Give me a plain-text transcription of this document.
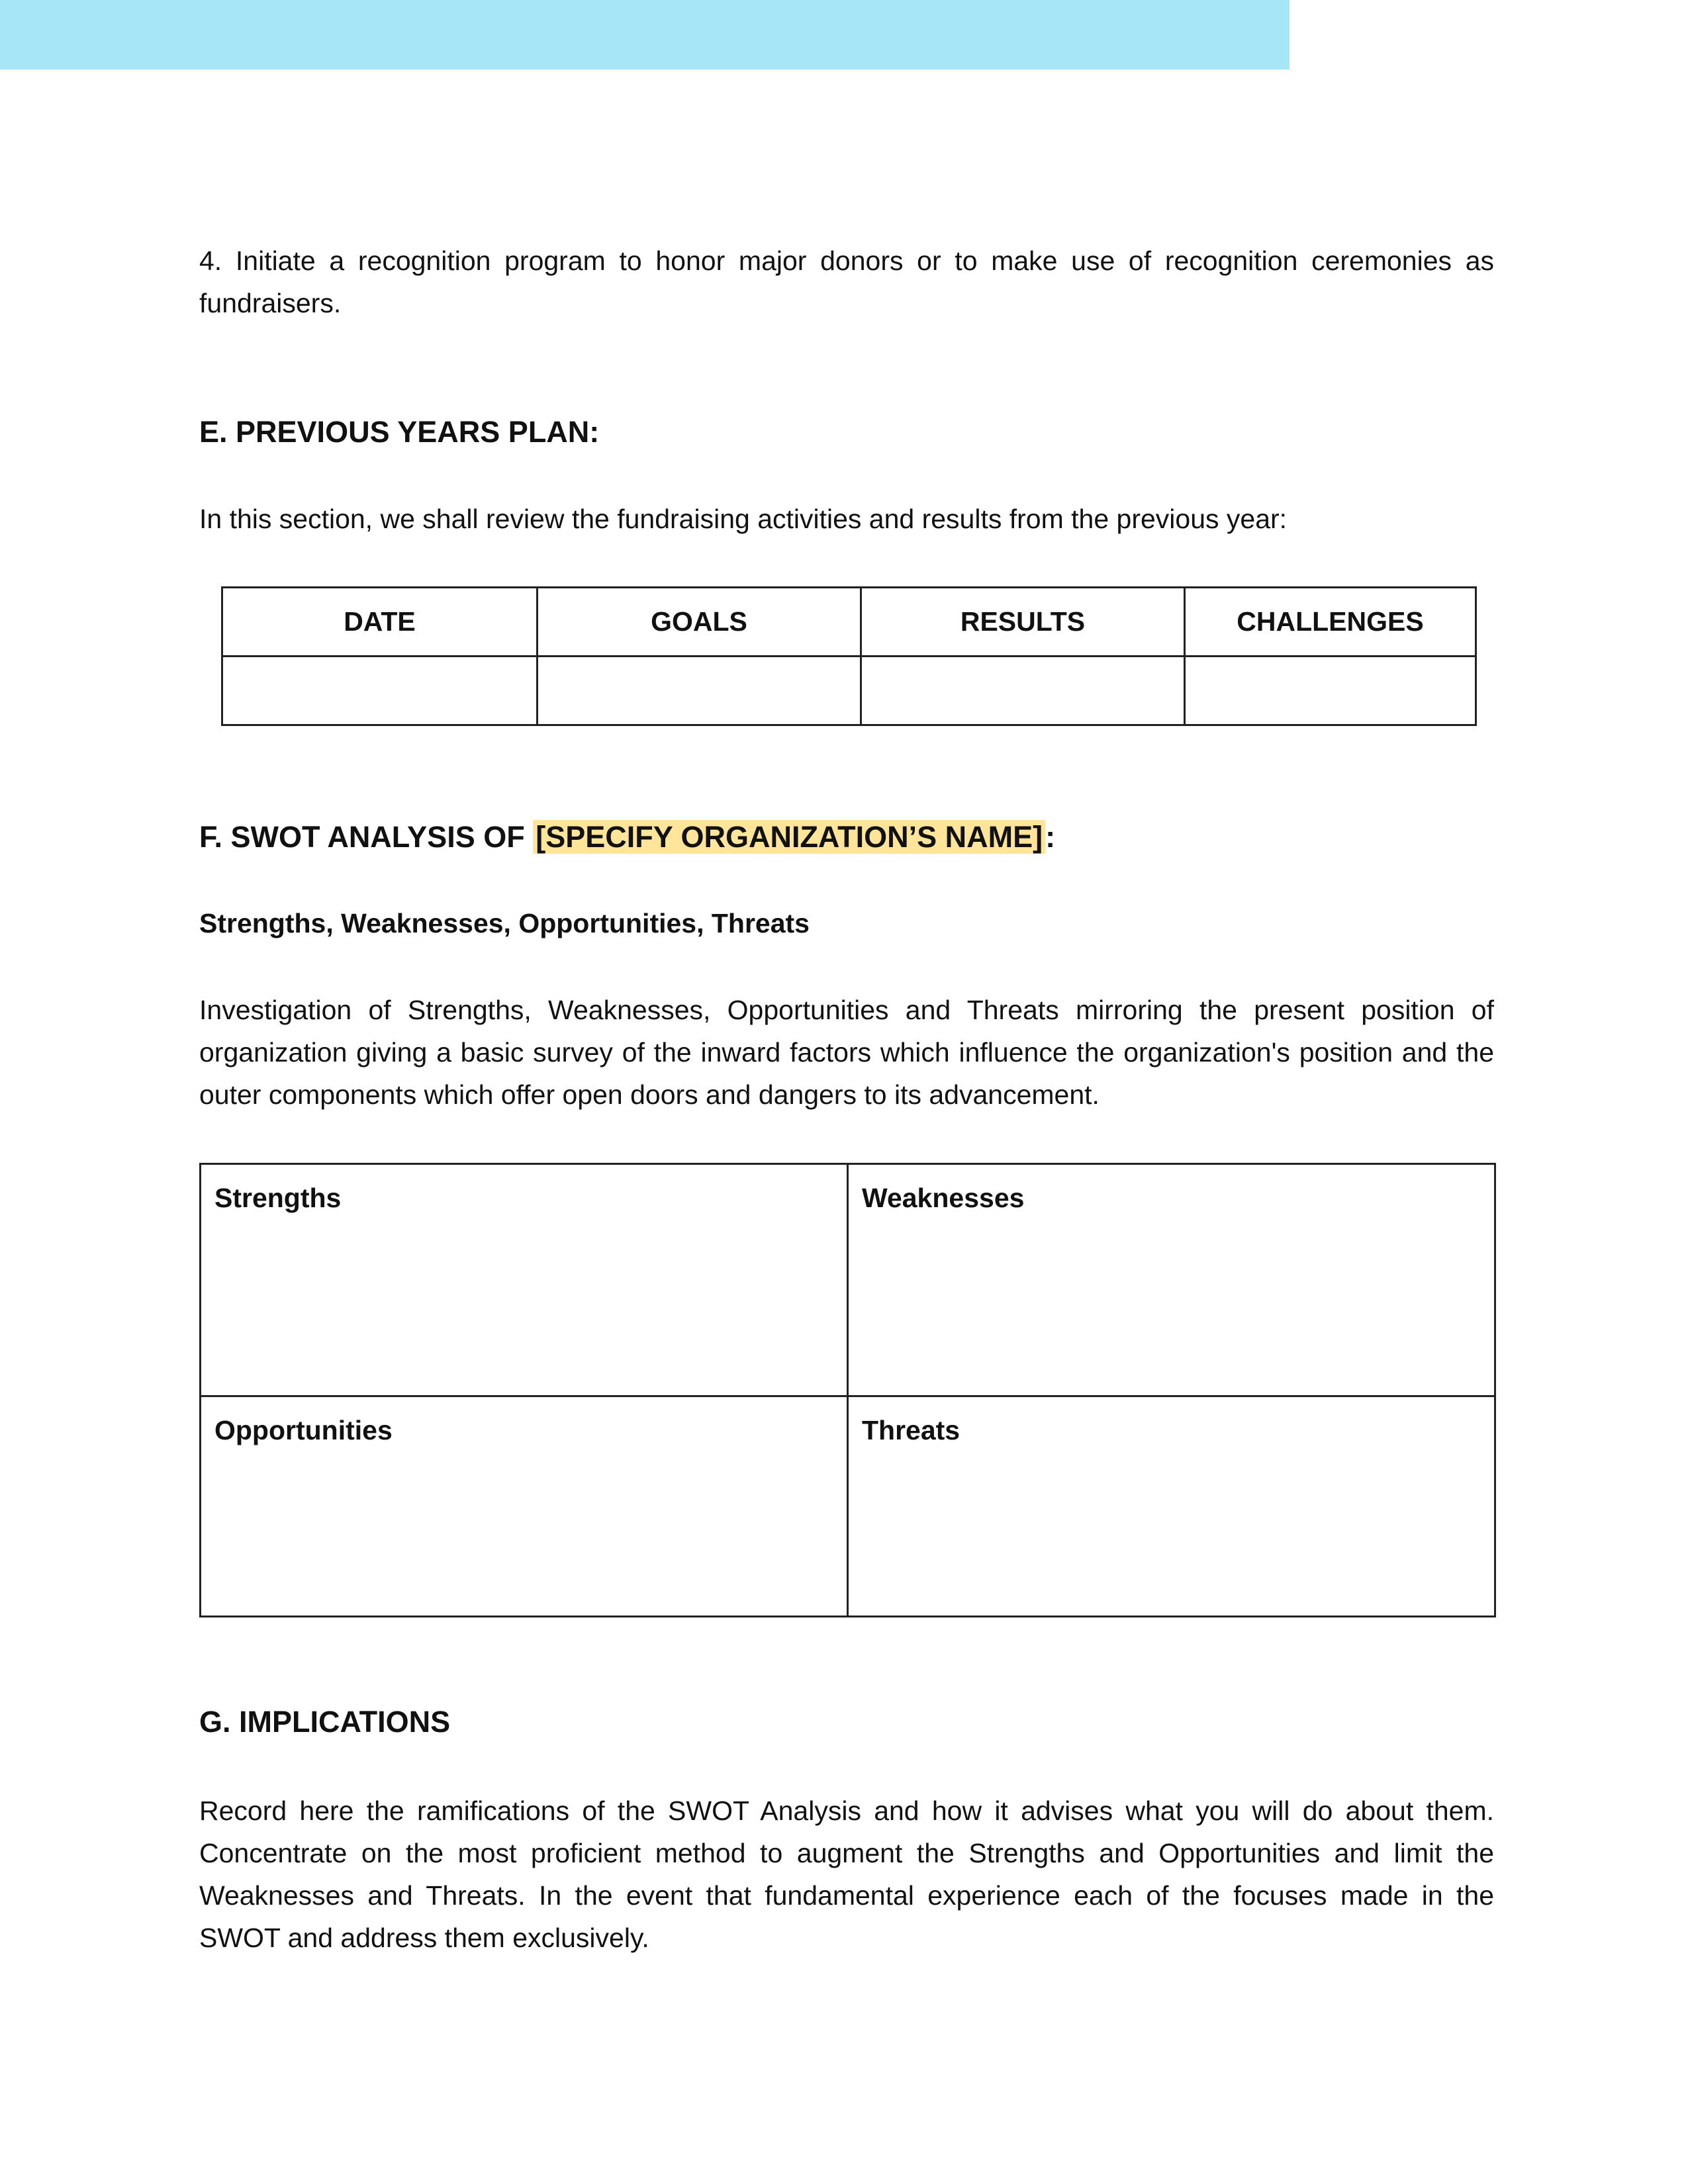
4. Initiate a recognition program to honor major donors or to make use of recognition ceremonies as fundraisers.

E. PREVIOUS YEARS PLAN:

In this section, we shall review the fundraising activities and results from the previous year:

DATE	GOALS	RESULTS	CHALLENGES

F. SWOT ANALYSIS OF [SPECIFY ORGANIZATION’S NAME]:
Strengths, Weaknesses, Opportunities, Threats

Investigation of Strengths, Weaknesses, Opportunities and Threats mirroring the present position of organization giving a basic survey of the inward factors which influence the organization's position and the outer components which offer open doors and dangers to its advancement.

Strengths	Weaknesses
Opportunities	Threats
G. IMPLICATIONS

Record here the ramifications of the SWOT Analysis and how it advises what you will do about them. Concentrate on the most proficient method to augment the Strengths and Opportunities and limit the Weaknesses and Threats. In the event that fundamental experience each of the focuses made in the SWOT and address them exclusively.
